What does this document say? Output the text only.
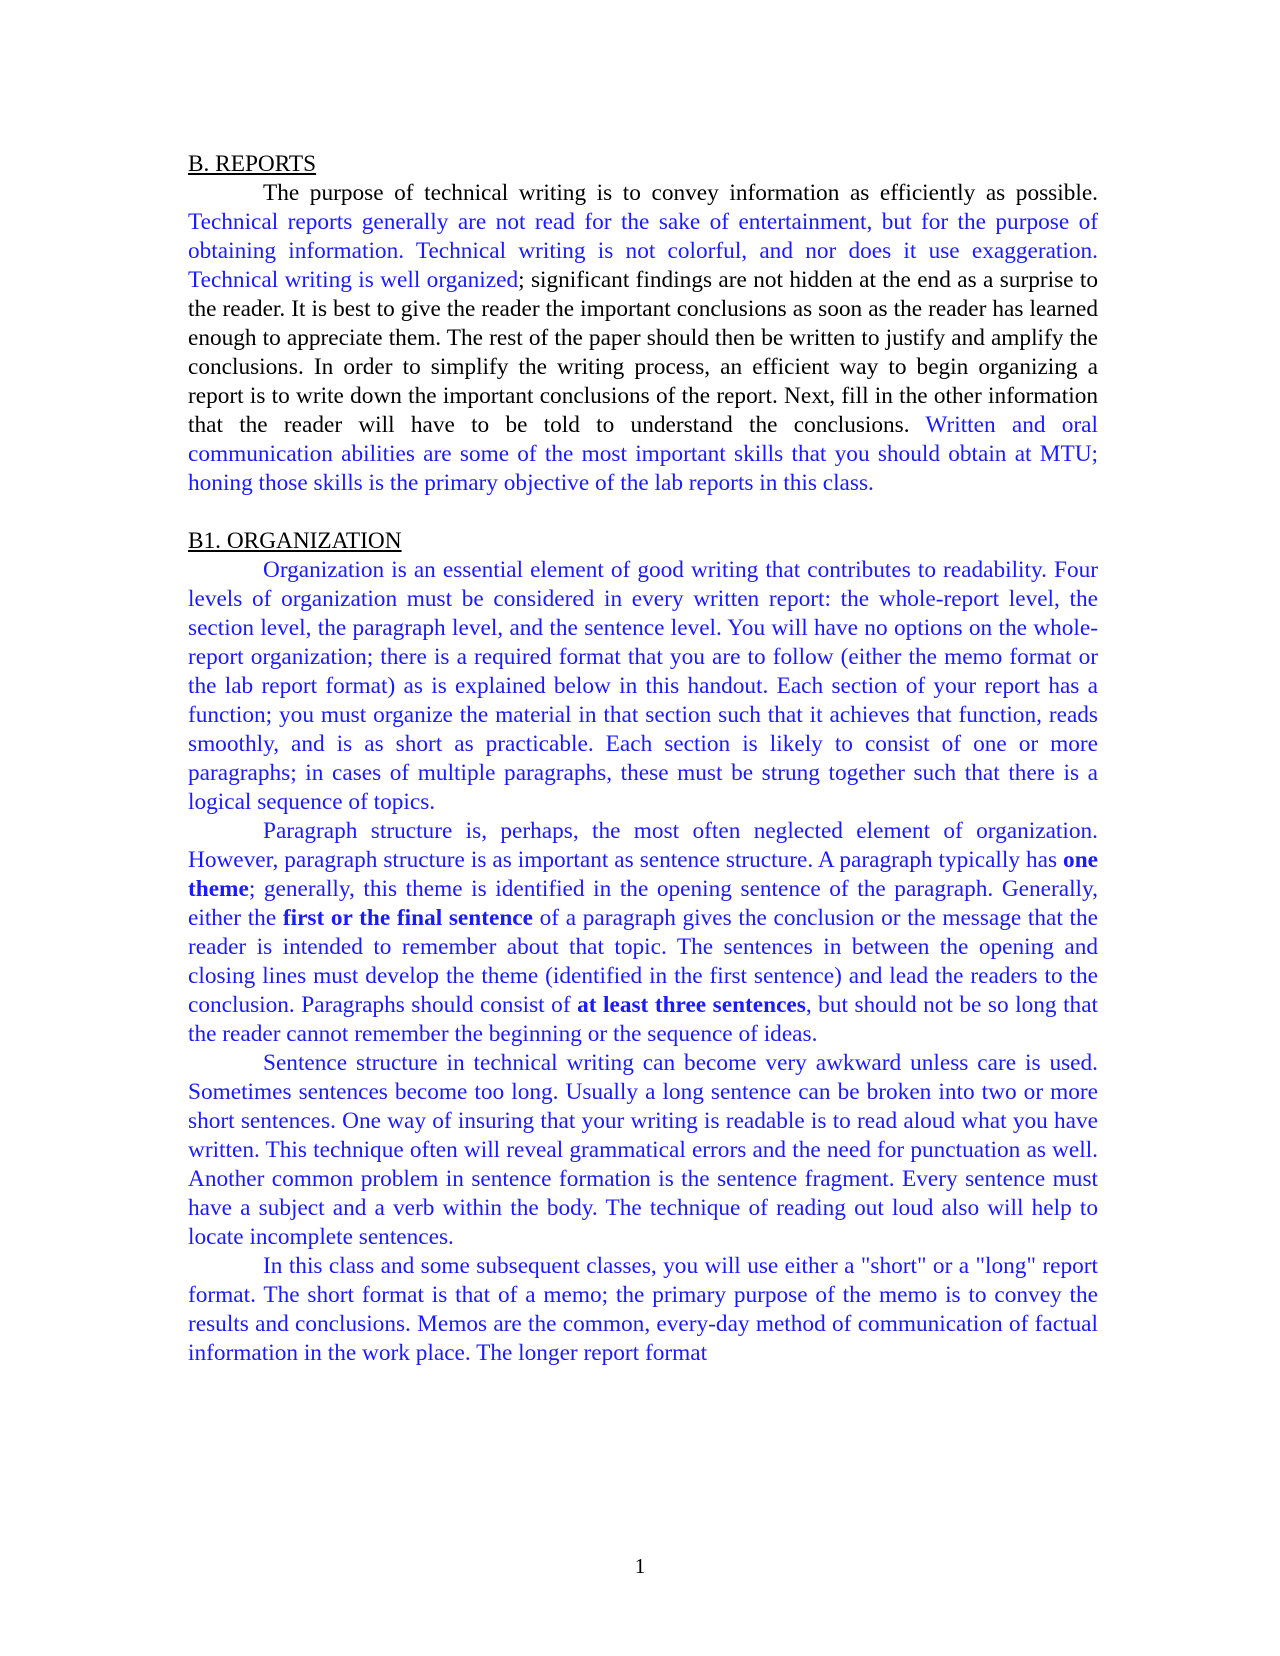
B. REPORTS

The purpose of technical writing is to convey information as efficiently as possible. Technical reports generally are not read for the sake of entertainment, but for the purpose of obtaining information. Technical writing is not colorful, and nor does it use exaggeration. Technical writing is well organized; significant findings are not hidden at the end as a surprise to the reader. It is best to give the reader the important conclusions as soon as the reader has learned enough to appreciate them. The rest of the paper should then be written to justify and amplify the conclusions. In order to simplify the writing process, an efficient way to begin organizing a report is to write down the important conclusions of the report. Next, fill in the other information that the reader will have to be told to understand the conclusions. Written and oral communication abilities are some of the most important skills that you should obtain at MTU; honing those skills is the primary objective of the lab reports in this class.

B1. ORGANIZATION

Organization is an essential element of good writing that contributes to readability. Four levels of organization must be considered in every written report: the whole-report level, the section level, the paragraph level, and the sentence level. You will have no options on the whole-report organization; there is a required format that you are to follow (either the memo format or the lab report format) as is explained below in this handout. Each section of your report has a function; you must organize the material in that section such that it achieves that function, reads smoothly, and is as short as practicable. Each section is likely to consist of one or more paragraphs; in cases of multiple paragraphs, these must be strung together such that there is a logical sequence of topics.

Paragraph structure is, perhaps, the most often neglected element of organization. However, paragraph structure is as important as sentence structure. A paragraph typically has one theme; generally, this theme is identified in the opening sentence of the paragraph. Generally, either the first or the final sentence of a paragraph gives the conclusion or the message that the reader is intended to remember about that topic. The sentences in between the opening and closing lines must develop the theme (identified in the first sentence) and lead the readers to the conclusion. Paragraphs should consist of at least three sentences, but should not be so long that the reader cannot remember the beginning or the sequence of ideas.

Sentence structure in technical writing can become very awkward unless care is used. Sometimes sentences become too long. Usually a long sentence can be broken into two or more short sentences. One way of insuring that your writing is readable is to read aloud what you have written. This technique often will reveal grammatical errors and the need for punctuation as well. Another common problem in sentence formation is the sentence fragment. Every sentence must have a subject and a verb within the body. The technique of reading out loud also will help to locate incomplete sentences.

In this class and some subsequent classes, you will use either a "short" or a "long" report format. The short format is that of a memo; the primary purpose of the memo is to convey the results and conclusions. Memos are the common, every-day method of communication of factual information in the work place. The longer report format

1
